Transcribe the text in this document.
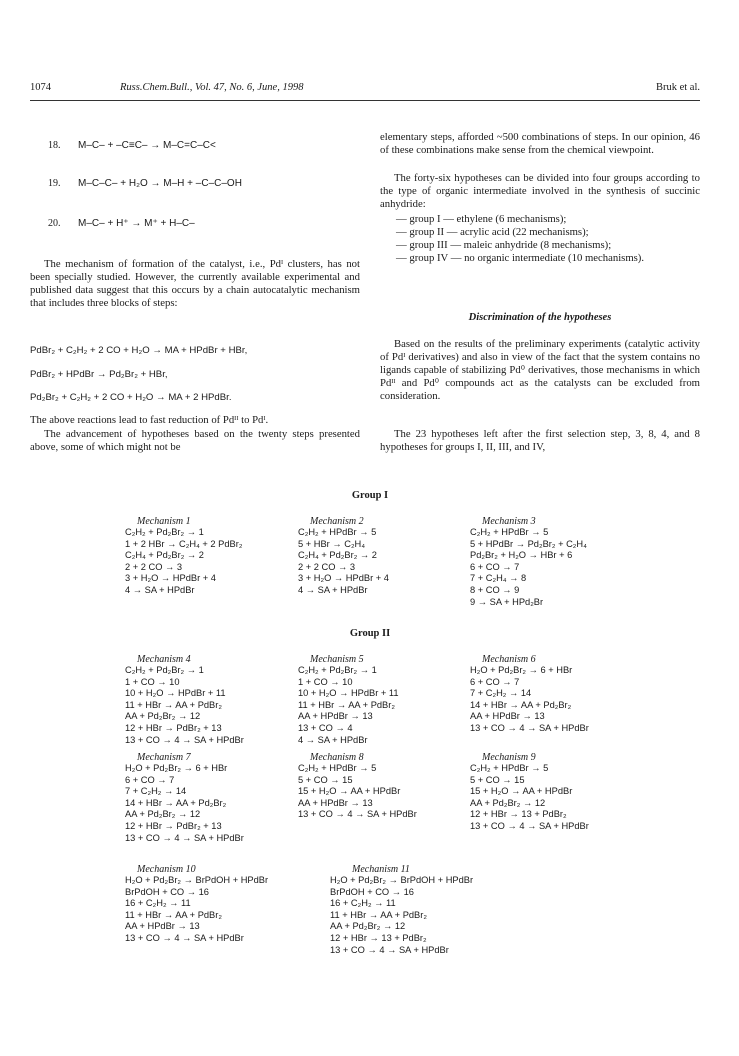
1074	Russ.Chem.Bull., Vol. 47, No. 6, June, 1998	Bruk et al.
18. M–C– + –C≡C– → M–C=C–C<
19. M–C–C– + H₂O → M–H + –C–C–OH
20. M–C– + H⁺ → M⁺ + H–C–
The mechanism of formation of the catalyst, i.e., Pdᴵ clusters, has not been specially studied. However, the currently available experimental and published data suggest that this occurs by a chain autocatalytic mechanism that includes three blocks of steps:
PdBr₂ + C₂H₂ + 2 CO + H₂O → MA + HPdBr + HBr,
PdBr₂ + HPdBr → Pd₂Br₂ + HBr,
Pd₂Br₂ + C₂H₂ + 2 CO + H₂O → MA + 2 HPdBr.
The above reactions lead to fast reduction of Pdᴵᴵ to Pdᴵ.
The advancement of hypotheses based on the twenty steps presented above, some of which might not be
elementary steps, afforded ~500 combinations of steps. In our opinion, 46 of these combinations make sense from the chemical viewpoint.
The forty-six hypotheses can be divided into four groups according to the type of organic intermediate involved in the synthesis of succinic anhydride:
— group I — ethylene (6 mechanisms);
— group II — acrylic acid (22 mechanisms);
— group III — maleic anhydride (8 mechanisms);
— group IV — no organic intermediate (10 mechanisms).
Discrimination of the hypotheses
Based on the results of the preliminary experiments (catalytic activity of Pdᴵ derivatives) and also in view of the fact that the system contains no ligands capable of stabilizing Pd⁰ derivatives, those mechanisms in which Pdᴵᴵ and Pd⁰ compounds act as the catalysts can be excluded from consideration.
The 23 hypotheses left after the first selection step, 3, 8, 4, and 8 hypotheses for groups I, II, III, and IV,
Group I
Mechanism 1
C₂H₂ + Pd₂Br₂ → 1
1 + 2 HBr → C₂H₄ + 2 PdBr₂
C₂H₄ + Pd₂Br₂ → 2
2 + 2 CO → 3
3 + H₂O → HPdBr + 4
4 → SA + HPdBr
Mechanism 2
C₂H₂ + HPdBr → 5
5 + HBr → C₂H₄
C₂H₄ + Pd₂Br₂ → 2
2 + 2 CO → 3
3 + H₂O → HPdBr + 4
4 → SA + HPdBr
Mechanism 3
C₂H₂ + HPdBr → 5
5 + HPdBr → Pd₂Br₂ + C₂H₄
Pd₂Br₂ + H₂O → HBr + 6
6 + CO → 7
7 + C₂H₄ → 8
8 + CO → 9
9 → SA + HPd₂Br
Group II
Mechanism 4
C₂H₂ + Pd₂Br₂ → 1
1 + CO → 10
10 + H₂O → HPdBr + 11
11 + HBr → AA + PdBr₂
AA + Pd₂Br₂ → 12
12 + HBr → PdBr₂ + 13
13 + CO → 4 → SA + HPdBr
Mechanism 5
C₂H₂ + Pd₂Br₂ → 1
1 + CO → 10
10 + H₂O → HPdBr + 11
11 + HBr → AA + PdBr₂
AA + HPdBr → 13
13 + CO → 4
4 → SA + HPdBr
Mechanism 6
H₂O + Pd₂Br₂ → 6 + HBr
6 + CO → 7
7 + C₂H₂ → 14
14 + HBr → AA + Pd₂Br₂
AA + HPdBr → 13
13 + CO → 4 → SA + HPdBr
Mechanism 7
H₂O + Pd₂Br₂ → 6 + HBr
6 + CO → 7
7 + C₂H₂ → 14
14 + HBr → AA + Pd₂Br₂
AA + Pd₂Br₂ → 12
12 + HBr → PdBr₂ + 13
13 + CO → 4 → SA + HPdBr
Mechanism 8
C₂H₂ + HPdBr → 5
5 + CO → 15
15 + H₂O → AA + HPdBr
AA + HPdBr → 13
13 + CO → 4 → SA + HPdBr
Mechanism 9
C₂H₂ + HPdBr → 5
5 + CO → 15
15 + H₂O → AA + HPdBr
AA + Pd₂Br₂ → 12
12 + HBr → 13 + PdBr₂
13 + CO → 4 → SA + HPdBr
Mechanism 10
H₂O + Pd₂Br₂ → BrPdOH + HPdBr
BrPdOH + CO → 16
16 + C₂H₂ → 11
11 + HBr → AA + PdBr₂
AA + HPdBr → 13
13 + CO → 4 → SA + HPdBr
Mechanism 11
H₂O + Pd₂Br₂ → BrPdOH + HPdBr
BrPdOH + CO → 16
16 + C₂H₂ → 11
11 + HBr → AA + PdBr₂
AA + Pd₂Br₂ → 12
12 + HBr → 13 + PdBr₂
13 + CO → 4 → SA + HPdBr
